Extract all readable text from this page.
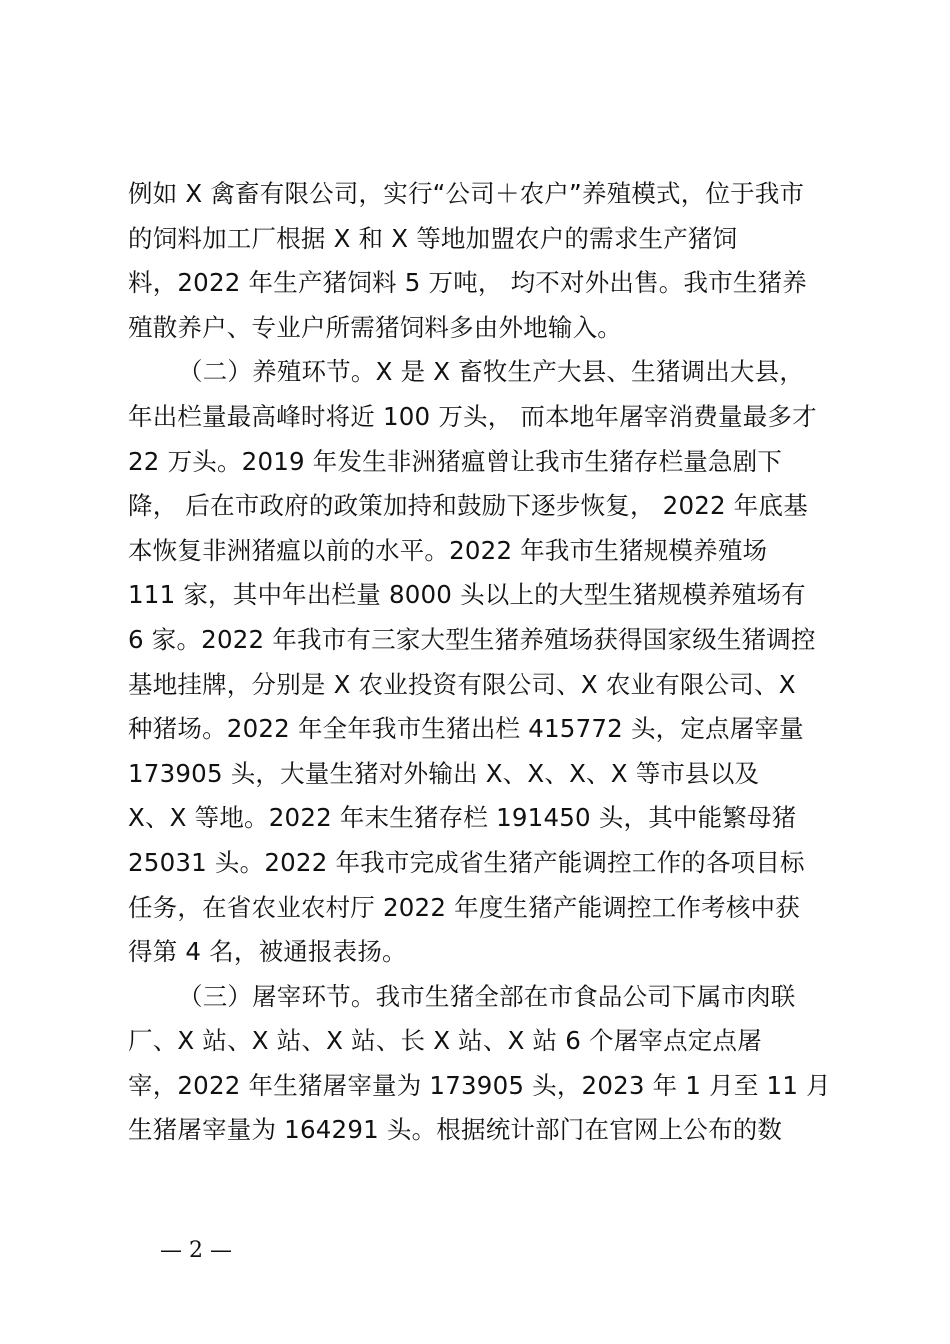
例如 X 禽畜有限公司，实行“公司＋农户”养殖模式，位于我市
的饲料加工厂根据 X 和 X 等地加盟农户的需求生产猪饲
料，2022 年生产猪饲料 5 万吨， 均不对外出售。我市生猪养
殖散养户、专业户所需猪饲料多由外地输入。
（二）养殖环节。X 是 X 畜牧生产大县、生猪调出大县，
年出栏量最高峰时将近 100 万头， 而本地年屠宰消费量最多才
22 万头。2019 年发生非洲猪瘟曾让我市生猪存栏量急剧下
降， 后在市政府的政策加持和鼓励下逐步恢复， 2022 年底基
本恢复非洲猪瘟以前的水平。2022 年我市生猪规模养殖场
111 家，其中年出栏量 8000 头以上的大型生猪规模养殖场有
6 家。2022 年我市有三家大型生猪养殖场获得国家级生猪调控
基地挂牌，分别是 X 农业投资有限公司、X 农业有限公司、X
种猪场。2022 年全年我市生猪出栏 415772 头，定点屠宰量
173905 头，大量生猪对外输出 X、X、X、X 等市县以及
X、X 等地。2022 年末生猪存栏 191450 头，其中能繁母猪
25031 头。2022 年我市完成省生猪产能调控工作的各项目标
任务，在省农业农村厅 2022 年度生猪产能调控工作考核中获
得第 4 名，被通报表扬。
（三）屠宰环节。我市生猪全部在市食品公司下属市肉联
厂、X 站、X 站、X 站、长 X 站、X 站 6 个屠宰点定点屠
宰，2022 年生猪屠宰量为 173905 头，2023 年 1 月至 11 月
生猪屠宰量为 164291 头。根据统计部门在官网上公布的数
— 2 —
